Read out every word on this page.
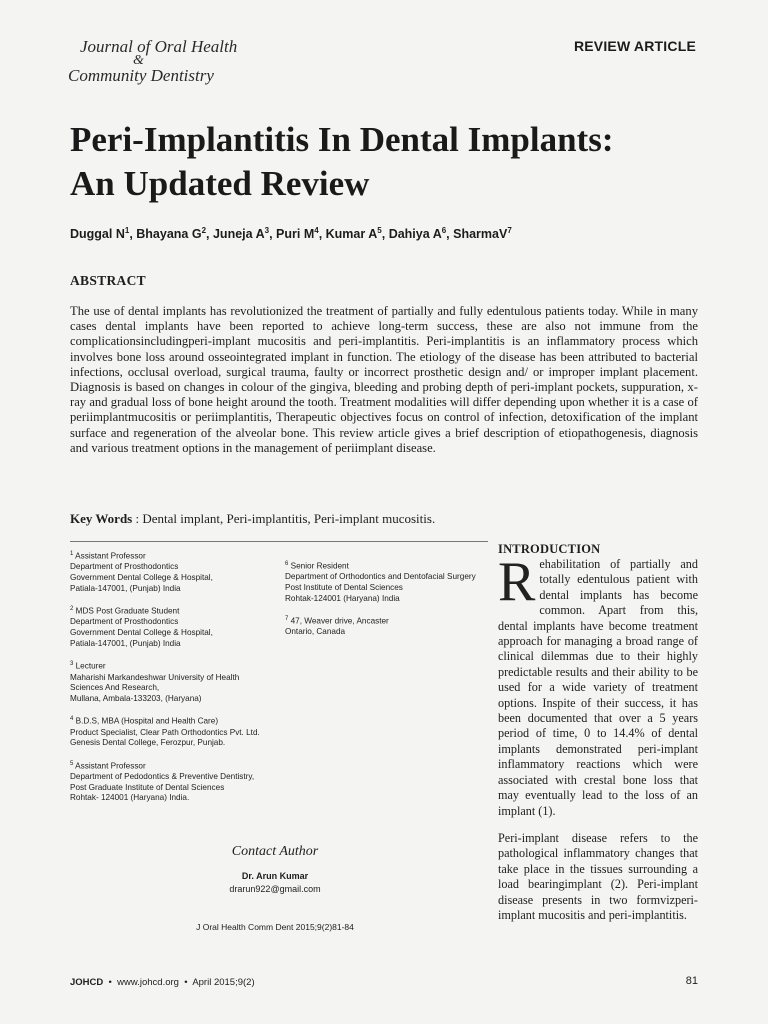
Journal of Oral Health
&
Community Dentistry
REVIEW ARTICLE
Peri-Implantitis In Dental Implants:
An Updated Review
Duggal $N^1$, Bhayana $G^2$, Juneja $A^3$, Puri $M^4$, Kumar $A^5$, Dahiya $A^6$, SharmaV$^7$
ABSTRACT

The use of dental implants has revolutionized the treatment of partially and fully edentulous patients today. While in many cases dental implants have been reported to achieve long-term success, these are also not immune from the complicationsincludingperi-implant mucositis and peri-implantitis. Peri-implantitis is an inflammatory process which involves bone loss around osseointegrated implant in function. The etiology of the disease has been attributed to bacterial infections, occlusal overload, surgical trauma, faulty or incorrect prosthetic design and/ or improper implant placement. Diagnosis is based on changes in colour of the gingiva, bleeding and probing depth of peri-implant pockets, suppuration, x-ray and gradual loss of bone height around the tooth. Treatment modalities will differ depending upon whether it is a case of periimplantmucositis or periimplantitis, Therapeutic objectives focus on control of infection, detoxification of the implant surface and regeneration of the alveolar bone. This review article gives a brief description of etiopathogenesis, diagnosis and various treatment options in the management of periimplant disease.

Key Words : Dental implant, Peri-implantitis, Peri-implant mucositis.

$^1$ Assistant Professor
Department of Prosthodontics
Government Dental College & Hospital,
Patiala-147001, (Punjab) India
$^2$ MDS Post Graduate Student
Department of Prosthodontics
Government Dental College & Hospital,
Patiala-147001, (Punjab) India
$^3$ Lecturer
Maharishi Markandeshwar University of Health
Sciences And Research,
Mullana, Ambala-133203, (Haryana)
$^4$ B.D.S, MBA (Hospital and Health Care)
Product Specialist, Clear Path Orthodontics Pvt. Ltd.
Genesis Dental College, Ferozpur, Punjab.
$^5$ Assistant Professor
Department of Pedodontics & Preventive Dentistry,
Post Graduate Institute of Dental Sciences
Rohtak- 124001 (Haryana) India.
$^6$ Senior Resident
Department of Orthodontics and Dentofacial Surgery
Post Institute of Dental Sciences
Rohtak-124001 (Haryana) India
$^7$ 47, Weaver drive, Ancaster
Ontario, Canada
Contact Author
Dr. Arun Kumar
drarun922@gmail.com
J Oral Health Comm Dent 2015;9(2)81-84
INTRODUCTION

Rehabilitation of partially and totally edentulous patient with dental implants has become common. Apart from this, dental implants have become treatment approach for managing a broad range of clinical dilemmas due to their highly predictable results and their ability to be used for a wide variety of treatment options. Inspite of their success, it has been documented that over a 5 years period of time, 0 to 14.4% of dental implants demonstrated peri-implant inflammatory reactions which were associated with crestal bone loss that may eventually lead to the loss of an implant (1).

Peri-implant disease refers to the pathological inflammatory changes that take place in the tissues surrounding a load bearingimplant (2). Peri-implant disease presents in two formvizperi-implant mucositis and peri-implantitis.

JOHCD • www.johcd.org • April 2015;9(2)	81
